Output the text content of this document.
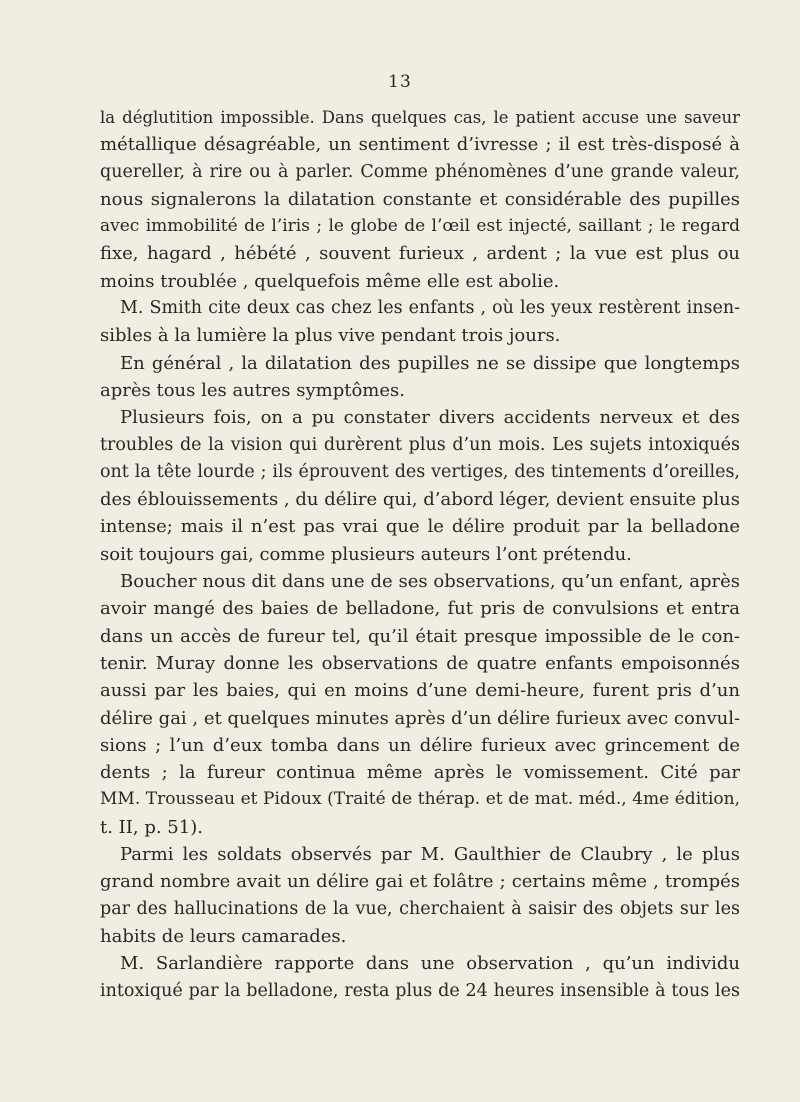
13
la déglutition impossible. Dans quelques cas, le patient accuse une saveur
métallique désagréable, un sentiment d’ivresse ; il est très-disposé à
quereller, à rire ou à parler. Comme phénomènes d’une grande valeur,
nous signalerons la dilatation constante et considérable des pupilles
avec immobilité de l’iris ; le globe de l’œil est injecté, saillant ; le regard
fixe, hagard , hébété , souvent furieux , ardent ; la vue est plus ou
moins troublée , quelquefois même elle est abolie.
M. Smith cite deux cas chez les enfants , où les yeux restèrent insen-
sibles à la lumière la plus vive pendant trois jours.
En général , la dilatation des pupilles ne se dissipe que longtemps
après tous les autres symptômes.
Plusieurs fois, on a pu constater divers accidents nerveux et des
troubles de la vision qui durèrent plus d’un mois. Les sujets intoxiqués
ont la tête lourde ; ils éprouvent des vertiges, des tintements d’oreilles,
des éblouissements , du délire qui, d’abord léger, devient ensuite plus
intense; mais il n’est pas vrai que le délire produit par la belladone
soit toujours gai, comme plusieurs auteurs l’ont prétendu.
Boucher nous dit dans une de ses observations, qu’un enfant, après
avoir mangé des baies de belladone, fut pris de convulsions et entra
dans un accès de fureur tel, qu’il était presque impossible de le con-
tenir. Muray donne les observations de quatre enfants empoisonnés
aussi par les baies, qui en moins d’une demi-heure, furent pris d’un
délire gai , et quelques minutes après d’un délire furieux avec convul-
sions ; l’un d’eux tomba dans un délire furieux avec grincement de
dents ; la fureur continua même après le vomissement. Cité par
MM. Trousseau et Pidoux (Traité de thérap. et de mat. méd., 4me édition,
t. II, p. 51).
Parmi les soldats observés par M. Gaulthier de Claubry , le plus
grand nombre avait un délire gai et folâtre ; certains même , trompés
par des hallucinations de la vue, cherchaient à saisir des objets sur les
habits de leurs camarades.
M. Sarlandière rapporte dans une observation , qu’un individu
intoxiqué par la belladone, resta plus de 24 heures insensible à tous les
